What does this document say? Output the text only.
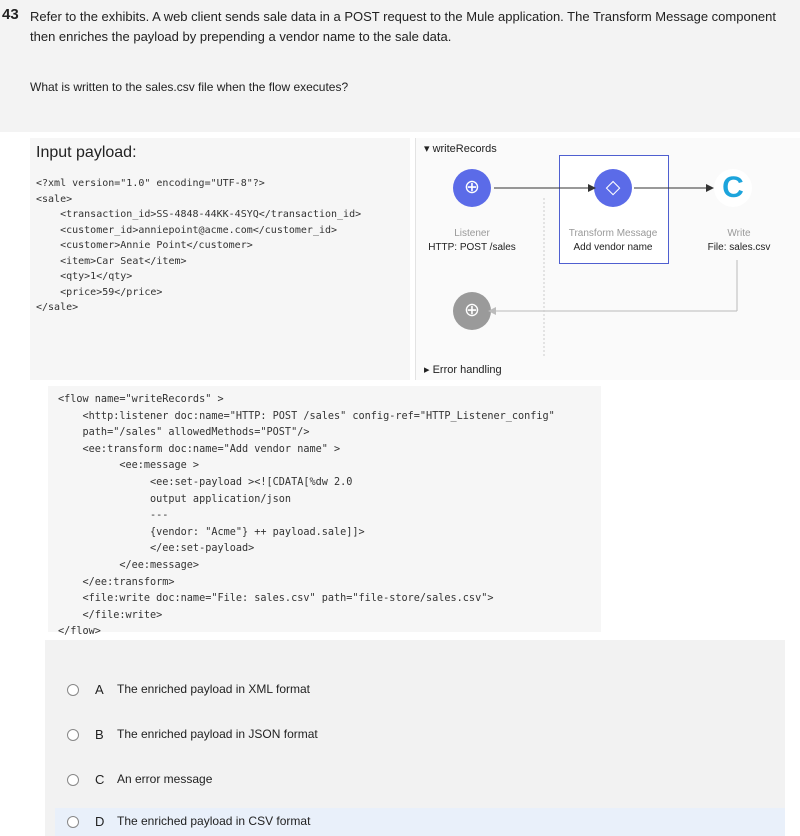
43 Refer to the exhibits. A web client sends sale data in a POST request to the Mule application. The Transform Message component then enriches the payload by prepending a vendor name to the sale data.
What is written to the sales.csv file when the flow executes?
Input payload:
<?xml version="1.0" encoding="UTF-8"?>
<sale>
<transaction_id>SS-4848-44KK-4SYQ</transaction_id>
<customer_id>anniepoint@acme.com</customer_id>
<customer>Annie Point</customer>
<item>Car Seat</item>
<qty>1</qty>
<price>59</price>
</sale>
▾ writeRecords
⊕
Listener
HTTP: POST /sales
◇
Transform Message
Add vendor name
C
Write
File: sales.csv
⊕
▸ Error handling
<flow name="writeRecords" >
<http:listener doc:name="HTTP: POST /sales" config-ref="HTTP_Listener_config"
path="/sales" allowedMethods="POST"/>
<ee:transform doc:name="Add vendor name" >
<ee:message >
<ee:set-payload ><![CDATA[%dw 2.0
output application/json
---
{vendor: "Acme"} ++ payload.sale]]>
</ee:set-payload>
</ee:message>
</ee:transform>
<file:write doc:name="File: sales.csv" path="file-store/sales.csv">
</file:write>
</flow>
A The enriched payload in XML format
B The enriched payload in JSON format
C An error message
D The enriched payload in CSV format
